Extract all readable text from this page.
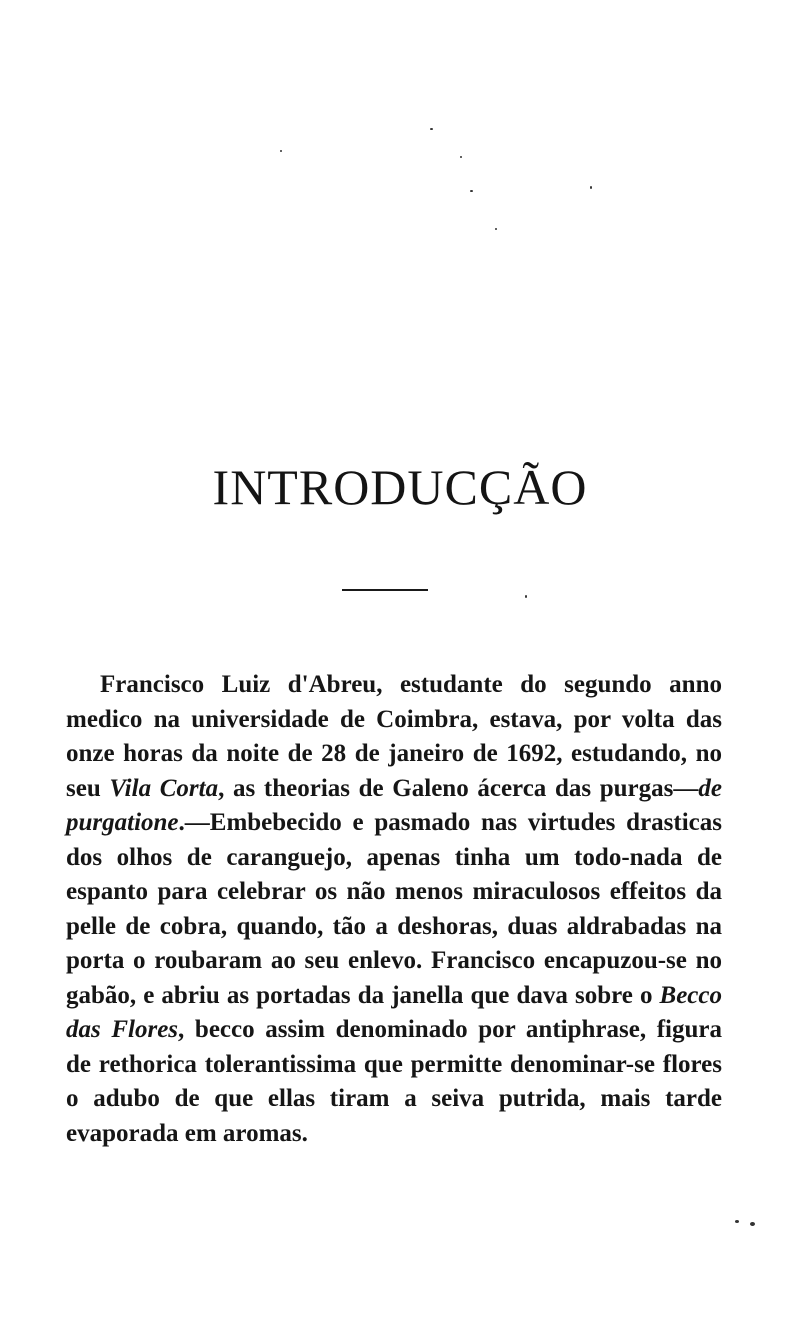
INTRODUCÇÃO

Francisco Luiz d'Abreu, estudante do segundo anno medico na universidade de Coimbra, estava, por volta das onze horas da noite de 28 de janeiro de 1692, estudando, no seu Vila Corta, as theorias de Galeno ácerca das purgas—de purgatione.—Embebecido e pasmado nas virtudes drasticas dos olhos de caranguejo, apenas tinha um todo-nada de espanto para celebrar os não menos miraculosos effeitos da pelle de cobra, quando, tão a deshoras, duas aldrabadas na porta o roubaram ao seu enlevo. Francisco encapuzou-se no gabão, e abriu as portadas da janella que dava sobre o Becco das Flores, becco assim denominado por antiphrase, figura de rethorica tolerantissima que permitte denominar-se flores o adubo de que ellas tiram a seiva putrida, mais tarde evaporada em aromas.
